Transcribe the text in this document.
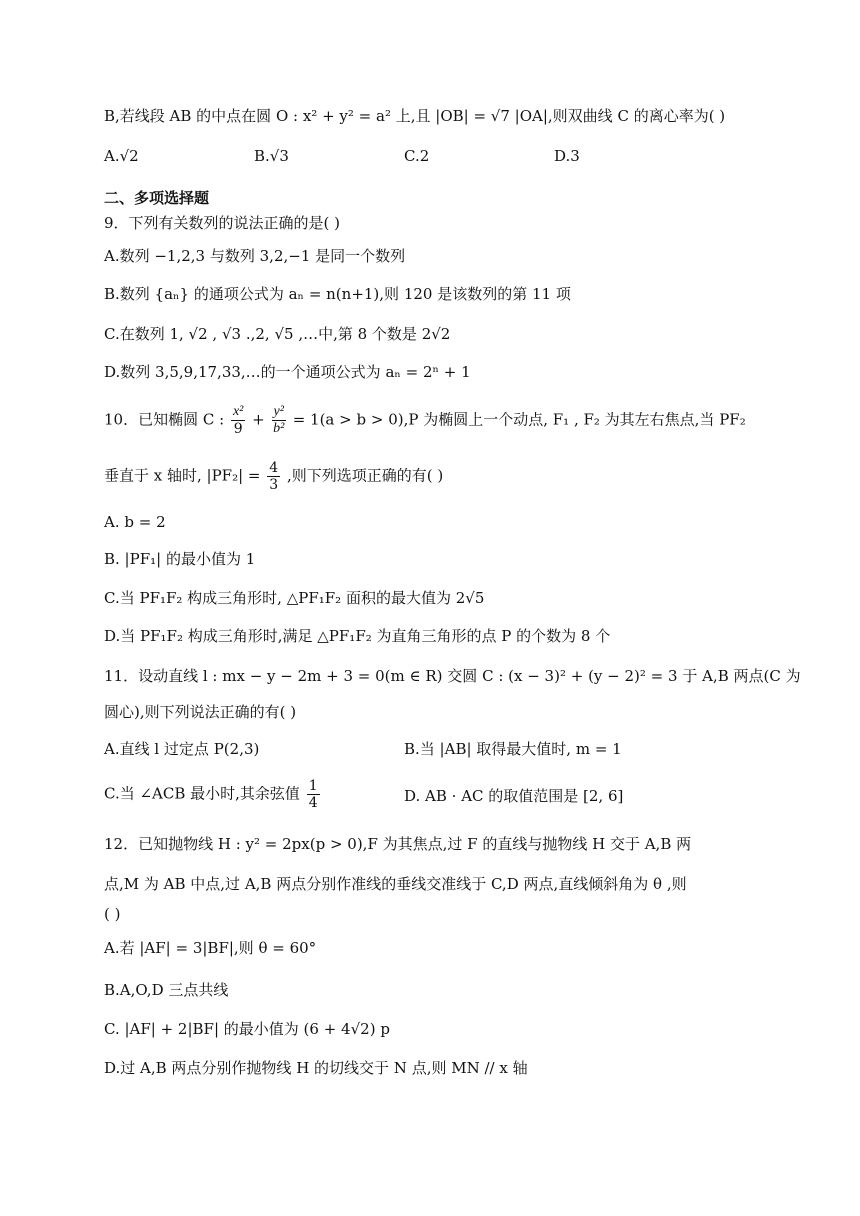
B,若线段 AB 的中点在圆 O : x² + y² = a² 上,且 |OB| = √7 |OA|,则双曲线 C 的离心率为( )
A.√2	B.√3	C.2	D.3
二、多项选择题
9．下列有关数列的说法正确的是( )
A.数列 −1,2,3 与数列 3,2,−1 是同一个数列
B.数列 {aₙ} 的通项公式为 aₙ = n(n+1),则 120 是该数列的第 11 项
C.在数列 1, √2 , √3 .,2, √5 ,…中,第 8 个数是 2√2
D.数列 3,5,9,17,33,…的一个通项公式为 aₙ = 2ⁿ + 1
10．已知椭圆 C : $\frac{\text{x²}}{9} + \frac{\text{y²}}{\text{b²}} = 1(a > b > 0),P$ 为椭圆上一个动点, F₁ , F₂ 为其左右焦点,当 PF₂
垂直于 x 轴时, $|PF_2| = \frac{4}{3}$ ,则下列选项正确的有( )
A. b = 2
B. |PF₁| 的最小值为 1
C.当 PF₁F₂ 构成三角形时, △PF₁F₂ 面积的最大值为 2√5
D.当 PF₁F₂ 构成三角形时,满足 △PF₁F₂ 为直角三角形的点 P 的个数为 8 个
11．设动直线 l : mx − y − 2m + 3 = 0(m ∈ R) 交圆 C : (x − 3)² + (y − 2)² = 3 于 A,B 两点(C 为
圆心),则下列说法正确的有( )
A.直线 l 过定点 P(2,3)	B.当 |AB| 取得最大值时, m = 1
C.当 ∠ACB 最小时,其余弦值 $\frac{1}{4}$	D. AB · AC 的取值范围是 [2, 6]
12．已知抛物线 H : y² = 2px(p > 0),F 为其焦点,过 F 的直线与抛物线 H 交于 A,B 两
点,M 为 AB 中点,过 A,B 两点分别作准线的垂线交准线于 C,D 两点,直线倾斜角为 θ ,则
( )
A.若 |AF| = 3|BF|,则 θ = 60°
B.A,O,D 三点共线
C. |AF| + 2|BF| 的最小值为 (6 + 4√2) p
D.过 A,B 两点分别作抛物线 H 的切线交于 N 点,则 MN // x 轴
